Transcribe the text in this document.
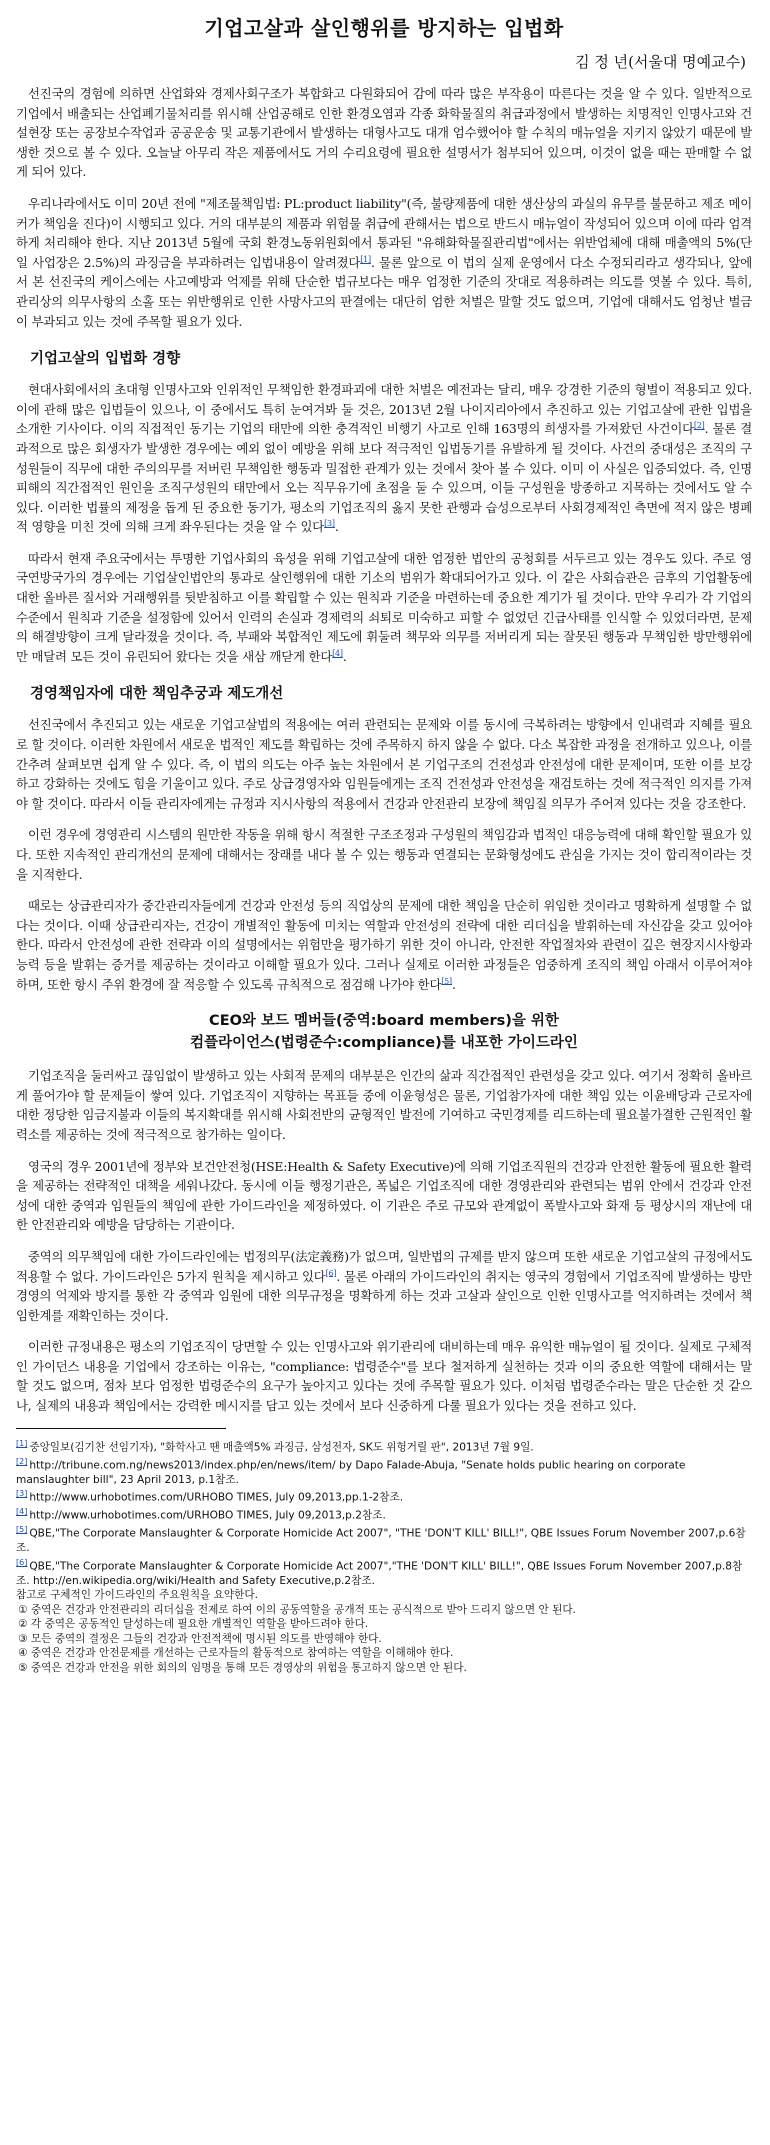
기업고살과 살인행위를 방지하는 입법화
김 정 년(서울대 명예교수)

선진국의 경험에 의하면 산업화와 경제사회구조가 복합화고 다원화되어 감에 따라 많은 부작용이 따른다는 것을 알 수 있다. 일반적으로 기업에서 배출되는 산업폐기물처리를 위시해 산업공해로 인한 환경오염과 각종 화학물질의 취급과정에서 발생하는 치명적인 인명사고와 건설현장 또는 공장보수작업과 공공운송 및 교통기관에서 발생하는 대형사고도 대개 엄수했어야 할 수칙의 매뉴얼을 지키지 않았기 때문에 발생한 것으로 볼 수 있다. 오늘날 아무리 작은 제품에서도 거의 수리요령에 필요한 설명서가 첨부되어 있으며, 이것이 없을 때는 판매할 수 없게 되어 있다.

우리나라에서도 이미 20년 전에 "제조물책임법: PL:product liability"(즉, 불량제품에 대한 생산상의 과실의 유무를 불문하고 제조 메이커가 책임을 진다)이 시행되고 있다. 거의 대부분의 제품과 위험물 취급에 관해서는 법으로 반드시 매뉴얼이 작성되어 있으며 이에 따라 엄격하게 처리해야 한다. 지난 2013년 5월에 국회 환경노동위원회에서 통과된 "유해화학물질관리법"에서는 위반업체에 대해 매출액의 5%(단일 사업장은 2.5%)의 과징금을 부과하려는 입법내용이 알려졌다[1]. 물론 앞으로 이 법의 실제 운영에서 다소 수정되리라고 생각되나, 앞에서 본 선진국의 케이스에는 사고예방과 억제를 위해 단순한 법규보다는 매우 엄정한 기준의 잣대로 적용하려는 의도를 엿볼 수 있다. 특히, 관리상의 의무사항의 소홀 또는 위반행위로 인한 사망사고의 판결에는 대단히 엄한 처벌은 말할 것도 없으며, 기업에 대해서도 엄청난 벌금이 부과되고 있는 것에 주목할 필요가 있다.

기업고살의 입법화 경향

현대사회에서의 초대형 인명사고와 인위적인 무책임한 환경파괴에 대한 처벌은 예전과는 달리, 매우 강경한 기준의 형벌이 적용되고 있다. 이에 관해 많은 입법들이 있으나, 이 중에서도 특히 눈여겨봐 둘 것은, 2013년 2월 나이지리아에서 추진하고 있는 기업고살에 관한 입법을 소개한 기사이다. 이의 직접적인 동기는 기업의 태만에 의한 충격적인 비행기 사고로 인해 163명의 희생자를 가져왔던 사건이다[2]. 물론 결과적으로 많은 회생자가 발생한 경우에는 예외 없이 예방을 위해 보다 적극적인 입법동기를 유발하게 될 것이다. 사건의 중대성은 조직의 구성원들이 직무에 대한 주의의무를 저버린 무책임한 행동과 밀접한 관계가 있는 것에서 찾아 볼 수 있다. 이미 이 사실은 입증되었다. 즉, 인명피해의 직간접적인 원인을 조직구성원의 태만에서 오는 직무유기에 초점을 둘 수 있으며, 이들 구성원을 방종하고 지목하는 것에서도 알 수 있다. 이러한 법률의 제정을 돕게 된 중요한 동기가, 평소의 기업조직의 옳지 못한 관행과 습성으로부터 사회경제적인 측면에 적지 않은 병폐적 영향을 미친 것에 의해 크게 좌우된다는 것을 알 수 있다[3].

따라서 현재 주요국에서는 투명한 기업사회의 육성을 위해 기업고살에 대한 엄정한 법안의 공청회를 서두르고 있는 경우도 있다. 주로 영국연방국가의 경우에는 기업살인법안의 통과로 살인행위에 대한 기소의 범위가 확대되어가고 있다. 이 같은 사회습관은 금후의 기업활동에 대한 올바른 질서와 거래행위를 뒷받침하고 이를 확립할 수 있는 원칙과 기준을 마련하는데 중요한 계기가 될 것이다. 만약 우리가 각 기업의 수준에서 원칙과 기준을 설정함에 있어서 인력의 손실과 경제력의 쇠퇴로 미숙하고 피할 수 없었던 긴급사태를 인식할 수 있었더라면, 문제의 해결방향이 크게 달라졌을 것이다. 즉, 부패와 복합적인 제도에 휘둘려 책무와 의무를 저버리게 되는 잘못된 행동과 무책임한 방만행위에만 매달려 모든 것이 유린되어 왔다는 것을 새삼 깨닫게 한다[4].

경영책임자에 대한 책임추궁과 제도개선

선진국에서 추진되고 있는 새로운 기업고살법의 적용에는 여러 관련되는 문제와 이를 동시에 극복하려는 방향에서 인내력과 지혜를 필요로 할 것이다. 이러한 차원에서 새로운 법적인 제도를 확립하는 것에 주목하지 하지 않을 수 없다. 다소 복잡한 과정을 전개하고 있으나, 이를 간추려 살펴보면 쉽게 알 수 있다. 즉, 이 법의 의도는 아주 높는 차원에서 본 기업구조의 건전성과 안전성에 대한 문제이며, 또한 이를 보강하고 강화하는 것에도 힘을 기울이고 있다. 주로 상급경영자와 임원들에게는 조직 건전성과 안전성을 재검토하는 것에 적극적인 의지를 가져야 할 것이다. 따라서 이들 관리자에게는 규정과 지시사항의 적용에서 건강과 안전관리 보장에 책임질 의무가 주어져 있다는 것을 강조한다.

이런 경우에 경영관리 시스템의 원만한 작동을 위해 항시 적절한 구조조정과 구성원의 책임감과 법적인 대응능력에 대해 확인할 필요가 있다. 또한 지속적인 관리개선의 문제에 대해서는 장래를 내다 볼 수 있는 행동과 연결되는 문화형성에도 관심을 가지는 것이 합리적이라는 것을 지적한다.

때로는 상급관리자가 중간관리자들에게 건강과 안전성 등의 직업상의 문제에 대한 책임을 단순히 위임한 것이라고 명확하게 설명할 수 없다는 것이다. 이때 상급관리자는, 건강이 개별적인 활동에 미치는 역할과 안전성의 전략에 대한 리더십을 발휘하는데 자신감을 갖고 있어야 한다. 따라서 안전성에 관한 전략과 이의 설명에서는 위험만을 평가하기 위한 것이 아니라, 안전한 작업절차와 관련이 깊은 현장지시사항과 능력 등을 발휘는 증거를 제공하는 것이라고 이해할 필요가 있다. 그러나 실제로 이러한 과정들은 엄중하게 조직의 책임 아래서 이루어져야 하며, 또한 항시 주위 환경에 잘 적응할 수 있도록 규칙적으로 점검해 나가야 한다[5].

CEO와 보드 멤버들(중역:board members)을 위한
컴플라이언스(법령준수:compliance)를 내포한 가이드라인

기업조직을 둘러싸고 끊임없이 발생하고 있는 사회적 문제의 대부분은 인간의 삶과 직간접적인 관련성을 갖고 있다. 여기서 정확히 올바르게 풀어가야 할 문제들이 쌓여 있다. 기업조직이 지향하는 목표들 중에 이윤형성은 물론, 기업참가자에 대한 책임 있는 이윤배당과 근로자에 대한 정당한 임금지불과 이들의 복지확대를 위시해 사회전반의 균형적인 발전에 기여하고 국민경제를 리드하는데 필요불가결한 근원적인 활력소를 제공하는 것에 적극적으로 참가하는 일이다.

영국의 경우 2001년에 정부와 보건안전청(HSE:Health & Safety Executive)에 의해 기업조직원의 건강과 안전한 활동에 필요한 활력을 제공하는 전략적인 대책을 세워나갔다. 동시에 이들 행정기관은, 폭넓은 기업조직에 대한 경영관리와 관련되는 범위 안에서 건강과 안전성에 대한 중역과 임원들의 책임에 관한 가이드라인을 제정하였다. 이 기관은 주로 규모와 관계없이 폭발사고와 화재 등 평상시의 재난에 대한 안전관리와 예방을 담당하는 기관이다.

중역의 의무책임에 대한 가이드라인에는 법정의무(法定義務)가 없으며, 일반법의 규제를 받지 않으며 또한 새로운 기업고살의 규정에서도 적용할 수 없다. 가이드라인은 5가지 원칙을 제시하고 있다[6]. 물론 아래의 가이드라인의 취지는 영국의 경험에서 기업조직에 발생하는 방만경영의 억제와 방지를 통한 각 중역과 임원에 대한 의무규정을 명확하게 하는 것과 고살과 살인으로 인한 인명사고를 억지하려는 것에서 책임한계를 재확인하는 것이다.

이러한 규정내용은 평소의 기업조직이 당면할 수 있는 인명사고와 위기관리에 대비하는데 매우 유익한 매뉴얼이 될 것이다. 실제로 구체적인 가이던스 내용을 기업에서 강조하는 이유는, "compliance: 법령준수"를 보다 철저하게 실천하는 것과 이의 중요한 역할에 대해서는 말할 것도 없으며, 점차 보다 엄정한 법령준수의 요구가 높아지고 있다는 것에 주목할 필요가 있다. 이처럼 법령준수라는 말은 단순한 것 같으나, 실제의 내용과 책임에서는 강력한 메시지를 담고 있는 것에서 보다 신중하게 다룰 필요가 있다는 것을 전하고 있다.

[1] 중앙일보(김기찬 선임기자), "화학사고 땐 매출액5% 과징금, 삼성전자, SK도 위헝거릴 판", 2013년 7월 9일.

[2] http://tribune.com.ng/news2013/index.php/en/news/item/ by Dapo Falade-Abuja, "Senate holds public hearing on corporate manslaughter bill", 23 April 2013, p.1참조.

[3] http://www.urhobotimes.com/URHOBO TIMES, July 09,2013,pp.1-2참조.

[4] http://www.urhobotimes.com/URHOBO TIMES, July 09,2013,p.2참조.

[5] QBE,"The Corporate Manslaughter & Corporate Homicide Act 2007", "THE 'DON'T KILL' BILL!", QBE Issues Forum November 2007,p.6참조.

[6] QBE,"The Corporate Manslaughter & Corporate Homicide Act 2007","THE 'DON'T KILL' BILL!", QBE Issues Forum November 2007,p.8참조. http://en.wikipedia.org/wiki/Health and Safety Executive,p.2참조.

참고로 구체적인 가이드라인의 주요원칙을 요약한다.

① 중역은 건강과 안전관리의 리더십을 전제로 하여 이의 공동역할을 공개적 또는 공식적으로 받아 드리지 않으면 안 된다.

② 각 중역은 공동적인 달성하는데 필요한 개별적인 역할을 받아드려야 한다.

③ 모든 중역의 결정은 그들의 건강과 안전적책에 명시된 의도를 반영해야 한다.

④ 중역은 건강과 안전문제를 개선하는 근로자들의 활동적으로 참여하는 역할을 이해해야 한다.

⑤ 중역은 건강과 안전을 위한 회의의 임명을 통해 모든 경영상의 위험을 통고하지 않으면 안 된다.
